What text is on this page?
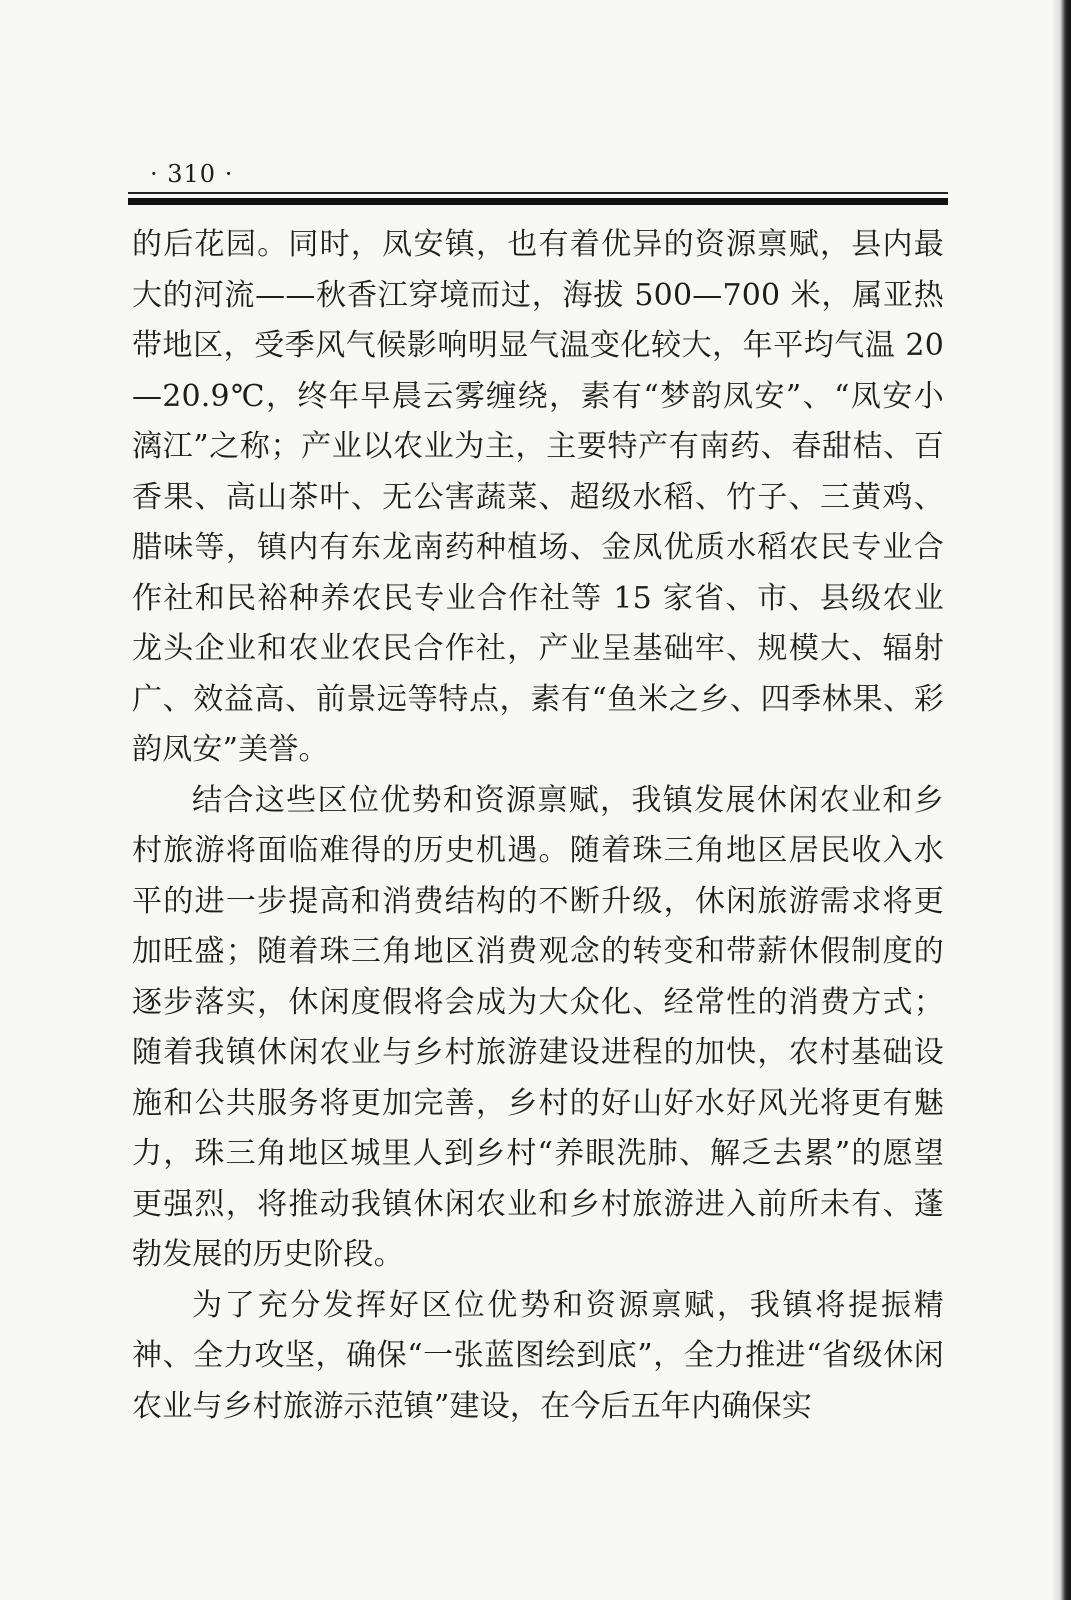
· 310 ·

的后花园。同时，凤安镇，也有着优异的资源禀赋，县内最大的河流——秋香江穿境而过，海拔 500—700 米，属亚热带地区，受季风气候影响明显气温变化较大，年平均气温 20—20.9℃，终年早晨云雾缠绕，素有“梦韵凤安”、“凤安小漓江”之称；产业以农业为主，主要特产有南药、春甜桔、百香果、高山茶叶、无公害蔬菜、超级水稻、竹子、三黄鸡、腊味等，镇内有东龙南药种植场、金凤优质水稻农民专业合作社和民裕种养农民专业合作社等 15 家省、市、县级农业龙头企业和农业农民合作社，产业呈基础牢、规模大、辐射广、效益高、前景远等特点，素有“鱼米之乡、四季林果、彩韵凤安”美誉。

结合这些区位优势和资源禀赋，我镇发展休闲农业和乡村旅游将面临难得的历史机遇。随着珠三角地区居民收入水平的进一步提高和消费结构的不断升级，休闲旅游需求将更加旺盛；随着珠三角地区消费观念的转变和带薪休假制度的逐步落实，休闲度假将会成为大众化、经常性的消费方式；随着我镇休闲农业与乡村旅游建设进程的加快，农村基础设施和公共服务将更加完善，乡村的好山好水好风光将更有魅力，珠三角地区城里人到乡村“养眼洗肺、解乏去累”的愿望更强烈，将推动我镇休闲农业和乡村旅游进入前所未有、蓬勃发展的历史阶段。

为了充分发挥好区位优势和资源禀赋，我镇将提振精神、全力攻坚，确保“一张蓝图绘到底”，全力推进“省级休闲农业与乡村旅游示范镇”建设，在今后五年内确保实
